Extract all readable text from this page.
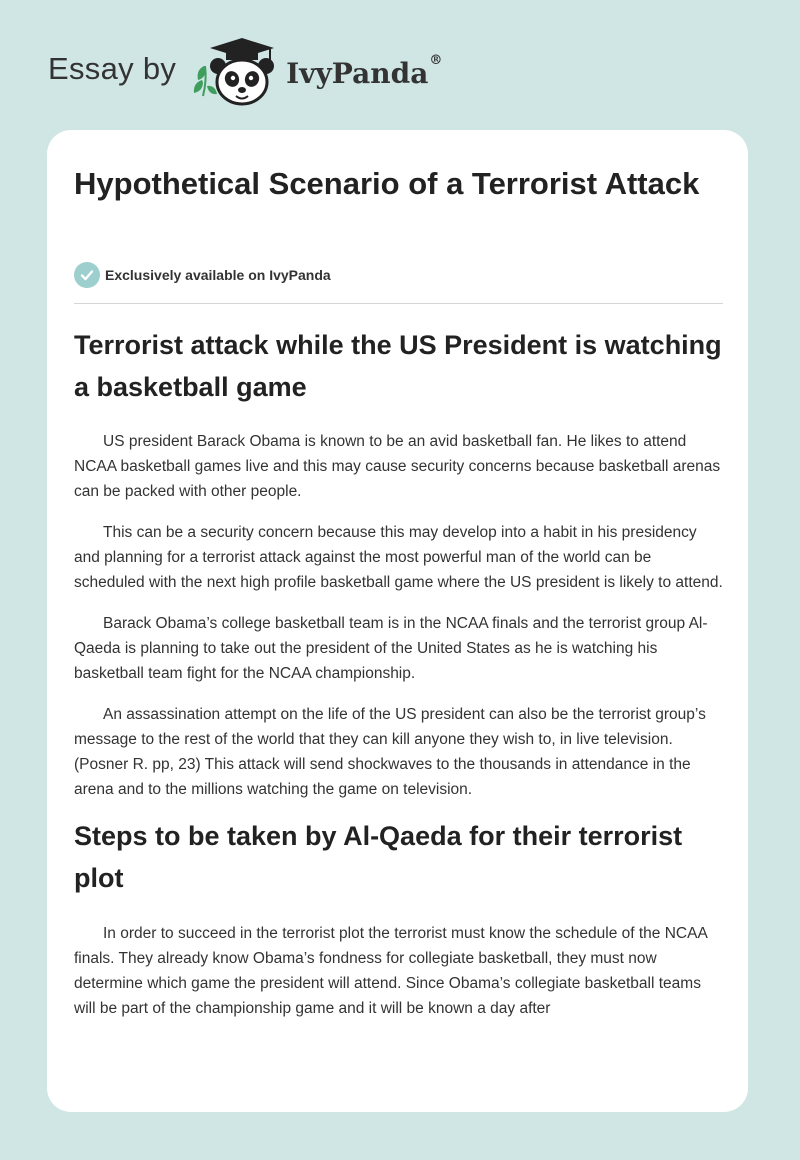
Essay by	IvyPanda®
Hypothetical Scenario of a Terrorist Attack
Exclusively available on IvyPanda
Terrorist attack while the US President is watching a basketball game

US president Barack Obama is known to be an avid basketball fan. He likes to attend NCAA basketball games live and this may cause security concerns because basketball arenas can be packed with other people.

This can be a security concern because this may develop into a habit in his presidency and planning for a terrorist attack against the most powerful man of the world can be scheduled with the next high profile basketball game where the US president is likely to attend.

Barack Obama’s college basketball team is in the NCAA finals and the terrorist group Al-Qaeda is planning to take out the president of the United States as he is watching his basketball team fight for the NCAA championship.

An assassination attempt on the life of the US president can also be the terrorist group’s message to the rest of the world that they can kill anyone they wish to, in live television. (Posner R. pp, 23) This attack will send shockwaves to the thousands in attendance in the arena and to the millions watching the game on television.

Steps to be taken by Al-Qaeda for their terrorist plot

In order to succeed in the terrorist plot the terrorist must know the schedule of the NCAA finals. They already know Obama’s fondness for collegiate basketball, they must now determine which game the president will attend. Since Obama’s collegiate basketball teams will be part of the championship game and it will be known a day after
